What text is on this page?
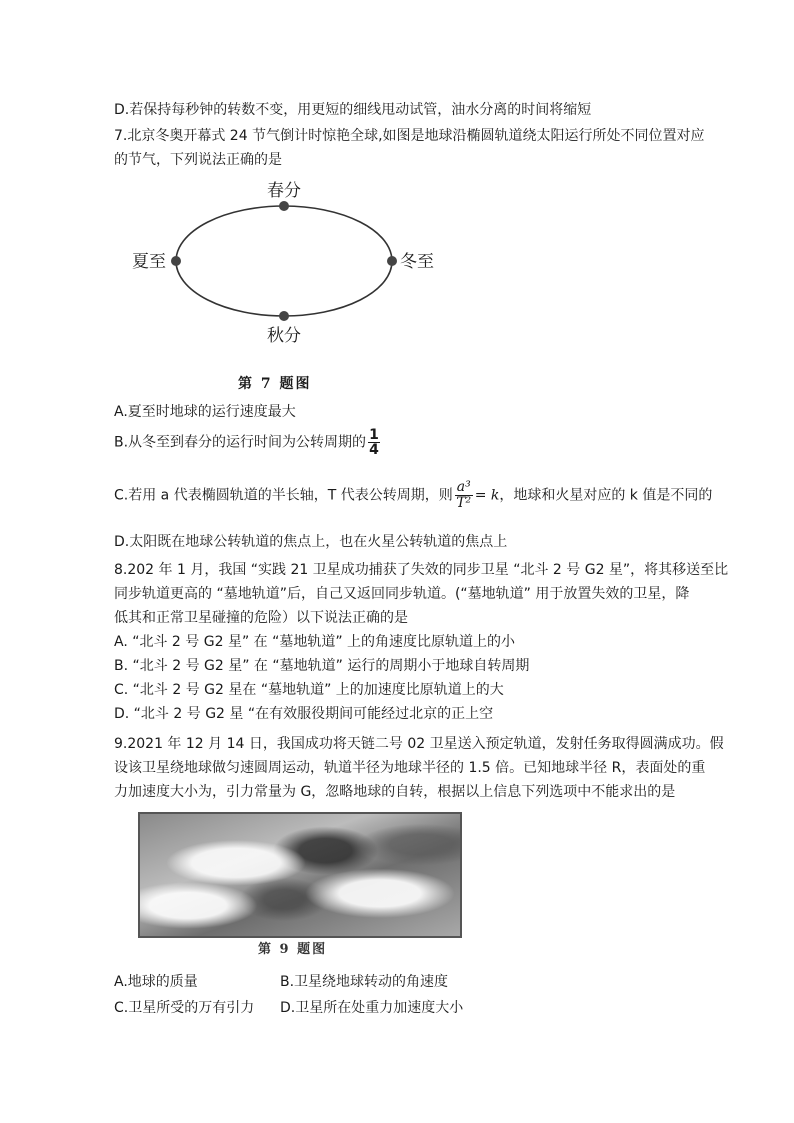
D.若保持每秒钟的转数不变，用更短的细线甩动试管，油水分离的时间将缩短
7.北京冬奥开幕式 24 节气倒计时惊艳全球,如图是地球沿椭圆轨道绕太阳运行所处不同位置对应
的节气，下列说法正确的是
春分
夏至	冬至
秋分
第 7 题图
A.夏至时地球的运行速度最大
B.从冬至到春分的运行时间为公转周期的 $\frac{1}{4}$
C.若用 a 代表椭圆轨道的半长轴，T 代表公转周期，则 $\frac{\text{a³}}{\text{T²}} = k$，地球和火星对应的 k 值是不同的
D.太阳既在地球公转轨道的焦点上，也在火星公转轨道的焦点上
8.202 年 1 月，我国 “实践 21 卫星成功捕获了失效的同步卫星 “北斗 2 号 G2 星”，将其移送至比
同步轨道更高的 “墓地轨道”后，自己又返回同步轨道。(“墓地轨道” 用于放置失效的卫星，降
低其和正常卫星碰撞的危险）以下说法正确的是
A. “北斗 2 号 G2 星” 在 “墓地轨道” 上的角速度比原轨道上的小
B. “北斗 2 号 G2 星” 在 “墓地轨道” 运行的周期小于地球自转周期
C. “北斗 2 号 G2 星在 “墓地轨道” 上的加速度比原轨道上的大
D. “北斗 2 号 G2 星 “在有效服役期间可能经过北京的正上空
9.2021 年 12 月 14 日，我国成功将天链二号 02 卫星送入预定轨道，发射任务取得圆满成功。假
设该卫星绕地球做匀速圆周运动，轨道半径为地球半径的 1.5 倍。已知地球半径 R，表面处的重
力加速度大小为，引力常量为 G，忽略地球的自转，根据以上信息下列选项中不能求出的是
第 9 题图
A.地球的质量	B.卫星绕地球转动的角速度
C.卫星所受的万有引力 D.卫星所在处重力加速度大小
